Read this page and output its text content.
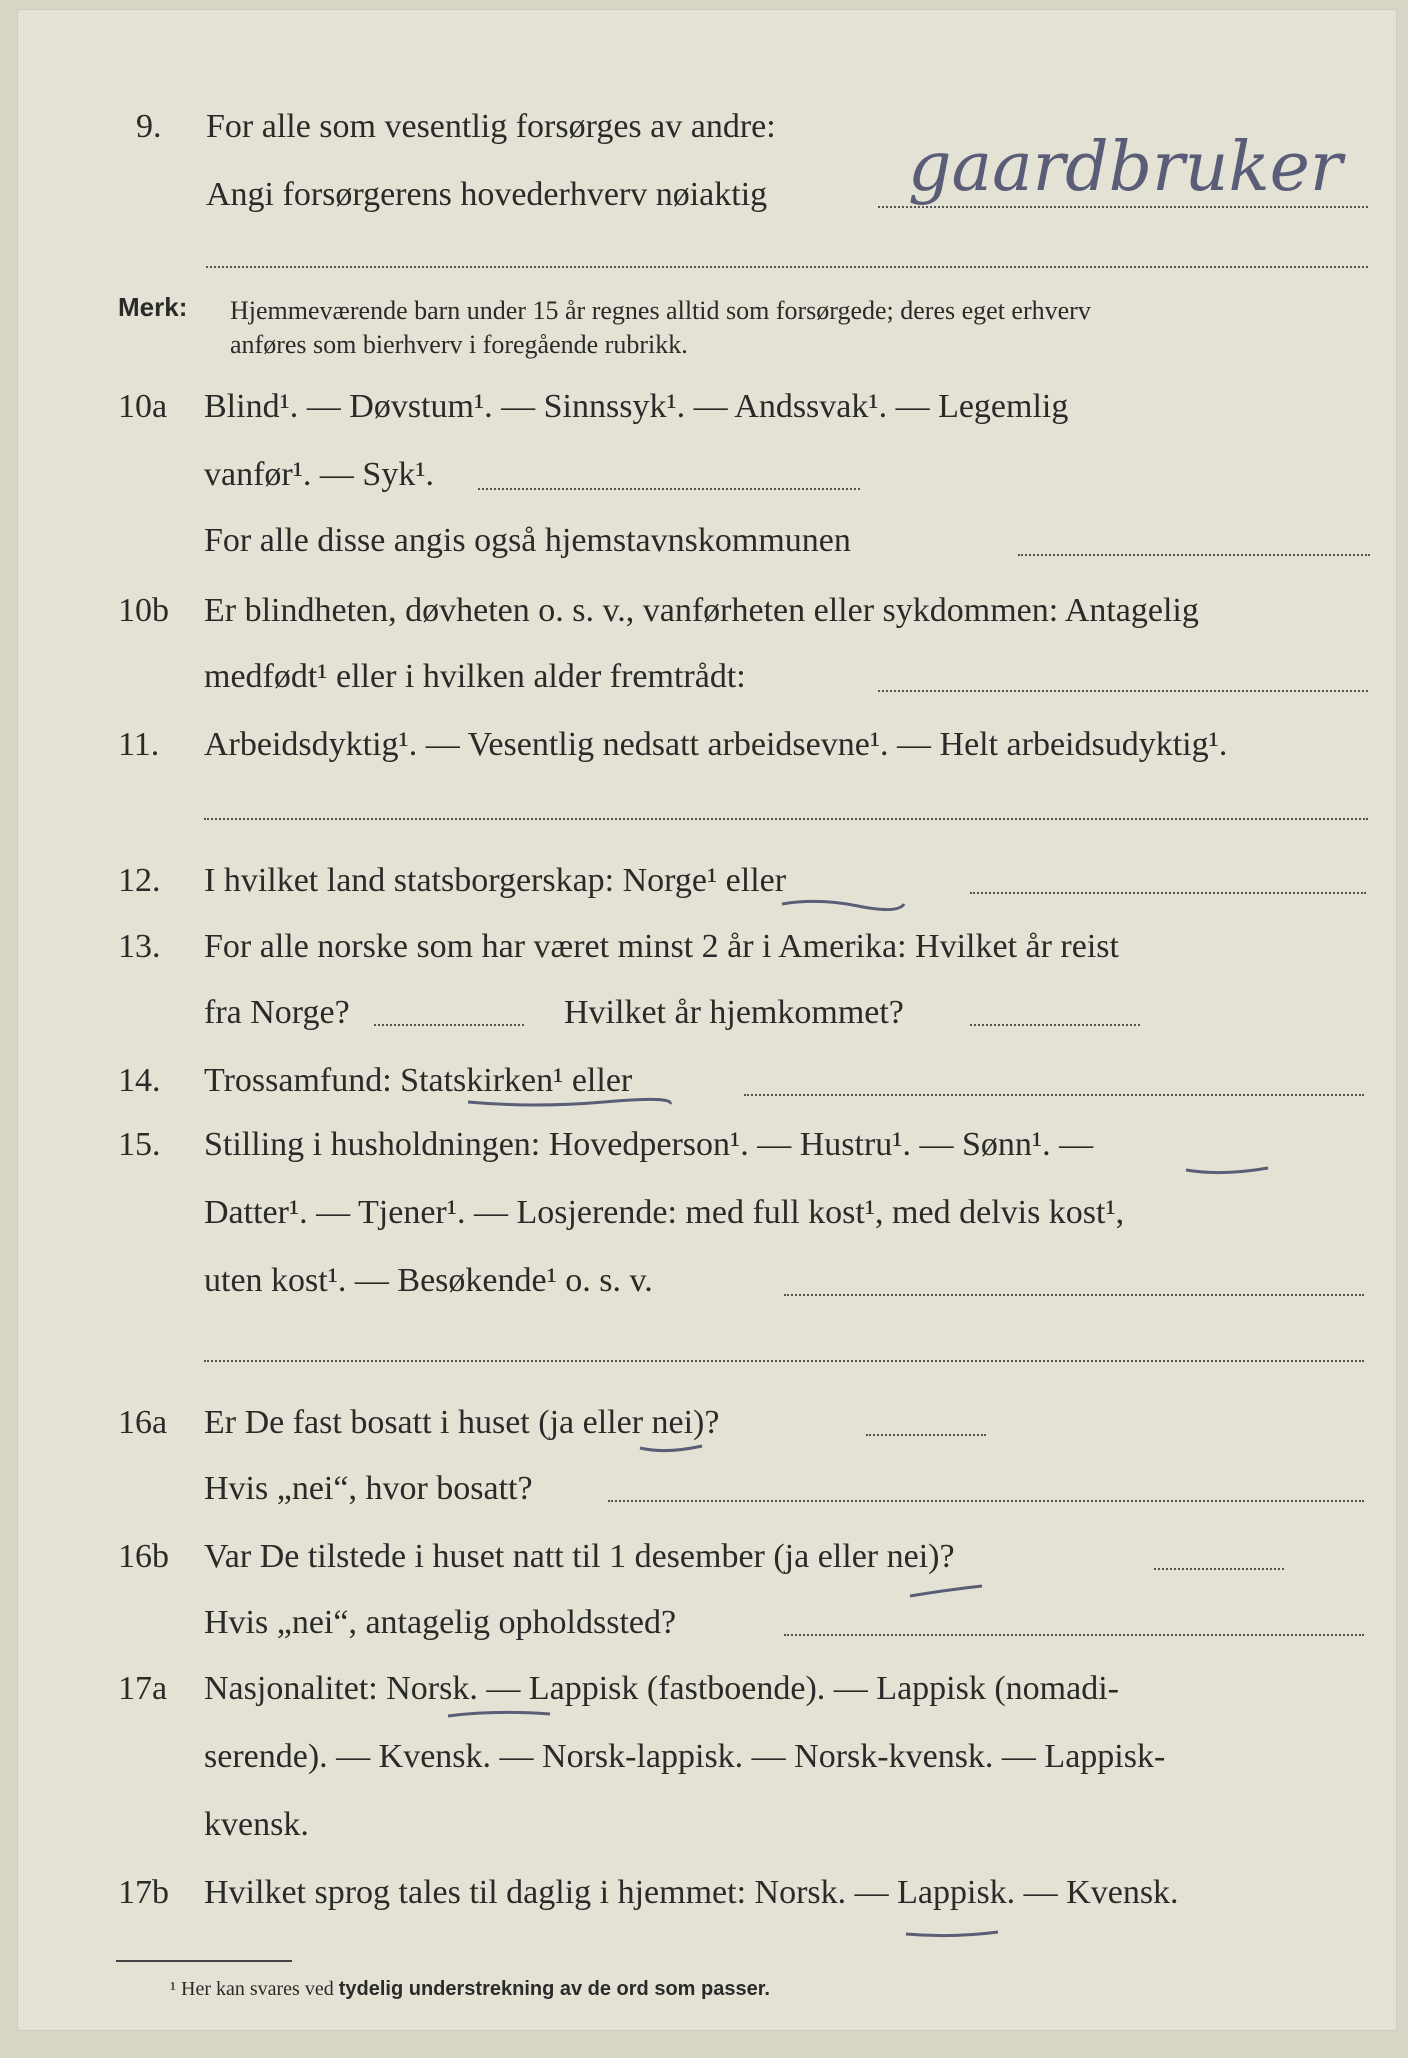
9. For alle som vesentlig forsørges av andre:
Angi forsørgerens hovederhverv nøiaktig gaardbruker
Merk: Hjemmeværende barn under 15 år regnes alltid som forsørgede; deres eget erhverv
anføres som bierhverv i foregående rubrikk.
10a Blind¹. — Døvstum¹. — Sinnssyk¹. — Andssvak¹. — Legemlig
vanfør¹. — Syk¹.
For alle disse angis også hjemstavnskommunen
10b Er blindheten, døvheten o. s. v., vanførheten eller sykdommen: Antagelig
medfødt¹ eller i hvilken alder fremtrådt:
11. Arbeidsdyktig¹. — Vesentlig nedsatt arbeidsevne¹. — Helt arbeidsudyktig¹.
12. I hvilket land statsborgerskap: Norge¹ eller
13. For alle norske som har været minst 2 år i Amerika: Hvilket år reist
fra Norge?	Hvilket år hjemkommet?
14. Trossamfund: Statskirken¹ eller
15. Stilling i husholdningen: Hovedperson¹. — Hustru¹. — Sønn¹. —
Datter¹. — Tjener¹. — Losjerende: med full kost¹, med delvis kost¹,
uten kost¹. — Besøkende¹ o. s. v.
16a Er De fast bosatt i huset (ja eller nei)?
Hvis „nei“, hvor bosatt?
16b Var De tilstede i huset natt til 1 desember (ja eller nei)?
Hvis „nei“, antagelig opholdssted?
17a Nasjonalitet: Norsk. — Lappisk (fastboende). — Lappisk (nomadi-
serende). — Kvensk. — Norsk-lappisk. — Norsk-kvensk. — Lappisk-
kvensk.
17b Hvilket sprog tales til daglig i hjemmet: Norsk. — Lappisk. — Kvensk.
¹ Her kan svares ved tydelig understrekning av de ord som passer.
